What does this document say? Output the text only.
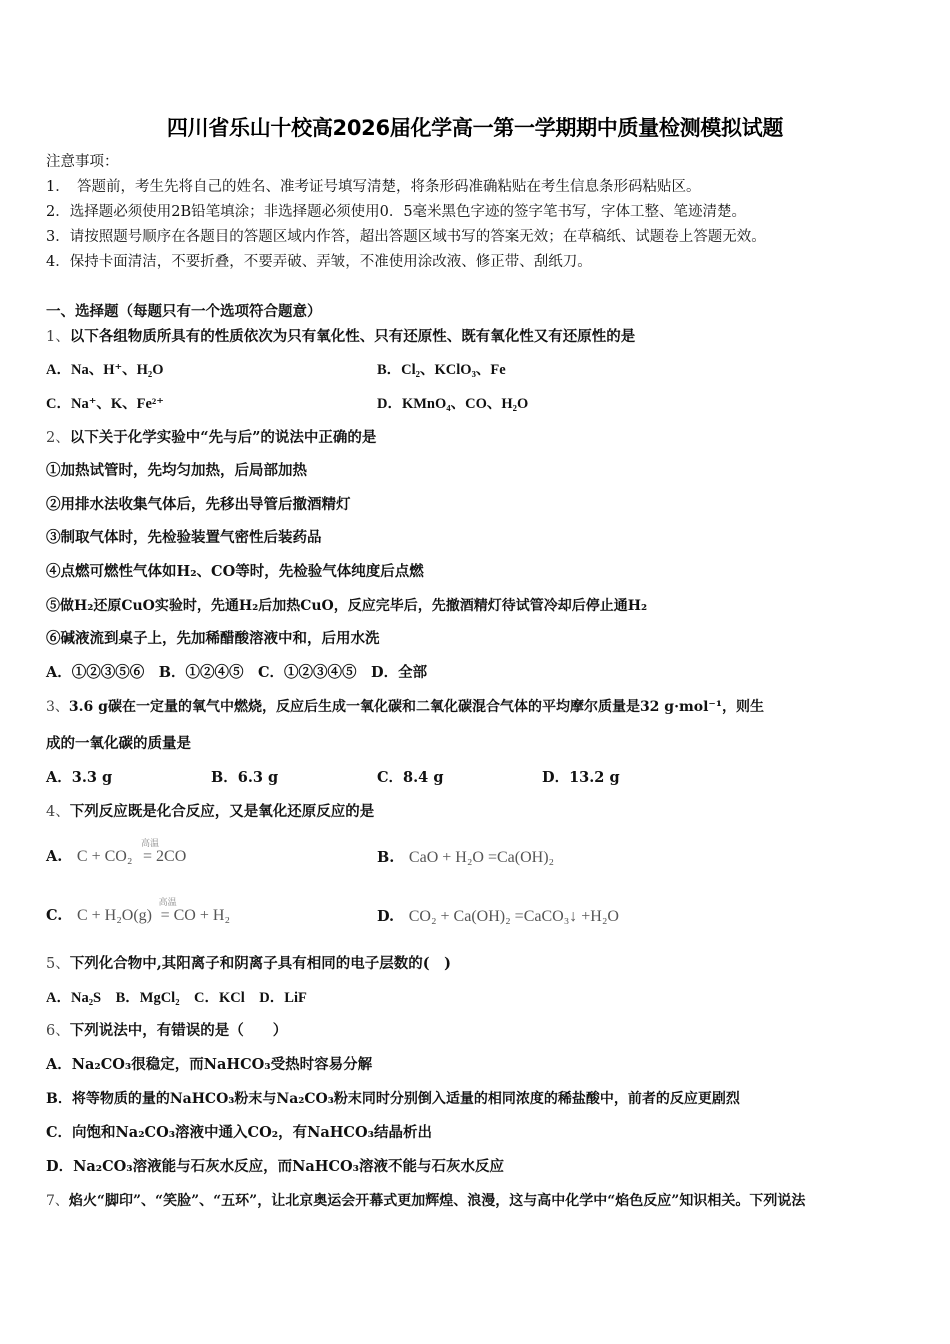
四川省乐山十校高2026届化学高一第一学期期中质量检测模拟试题
注意事项：
1．　答题前，考生先将自己的姓名、准考证号填写清楚，将条形码准确粘贴在考生信息条形码粘贴区。
2．选择题必须使用2B铅笔填涂；非选择题必须使用0．5毫米黑色字迹的签字笔书写，字体工整、笔迹清楚。
3．请按照题号顺序在各题目的答题区域内作答，超出答题区域书写的答案无效；在草稿纸、试题卷上答题无效。
4．保持卡面清洁，不要折叠，不要弄破、弄皱，不准使用涂改液、修正带、刮纸刀。
一、选择题（每题只有一个选项符合题意）
1、以下各组物质所具有的性质依次为只有氧化性、只有还原性、既有氧化性又有还原性的是
A．Na、H⁺、H₂O	B．Cl₂、KClO₃、Fe
C．Na⁺、K、Fe²⁺	D．KMnO₄、CO、H₂O
2、以下关于化学实验中“先与后”的说法中正确的是
①加热试管时，先均匀加热，后局部加热
②用排水法收集气体后，先移出导管后撤酒精灯
③制取气体时，先检验装置气密性后装药品
④点燃可燃性气体如H₂、CO等时，先检验气体纯度后点燃
⑤做H₂还原CuO实验时，先通H₂后加热CuO，反应完毕后，先撤酒精灯待试管冷却后停止通H₂
⑥碱液流到桌子上，先加稀醋酸溶液中和，后用水洗
A．①②③⑤⑥　B．①②④⑤　C．①②③④⑤　D．全部
3、3.6 g碳在一定量的氧气中燃烧，反应后生成一氧化碳和二氧化碳混合气体的平均摩尔质量是32 g·mol⁻¹，则生
成的一氧化碳的质量是
A．3.3 g	B．6.3 g	C．8.4 g	D．13.2 g
4、下列反应既是化合反应，又是氧化还原反应的是
A. C + CO₂
高温
= 2CO	B. CaO + H₂O =Ca(OH)₂
C. C + H₂O(g)
高温
= CO + H₂	D. CO₂ + Ca(OH)₂ =CaCO₃↓ +H₂O
5、下列化合物中,其阳离子和阴离子具有相同的电子层数的(　)
A．Na₂S　B．MgCl₂　C．KCl　D．LiF
6、下列说法中，有错误的是（　　）
A．Na₂CO₃很稳定，而NaHCO₃受热时容易分解
B．将等物质的量的NaHCO₃粉末与Na₂CO₃粉末同时分别倒入适量的相同浓度的稀盐酸中，前者的反应更剧烈
C．向饱和Na₂CO₃溶液中通入CO₂，有NaHCO₃结晶析出
D．Na₂CO₃溶液能与石灰水反应，而NaHCO₃溶液不能与石灰水反应
7、焰火“脚印”、“笑脸”、“五环”，让北京奥运会开幕式更加辉煌、浪漫，这与高中化学中“焰色反应”知识相关。下列说法
